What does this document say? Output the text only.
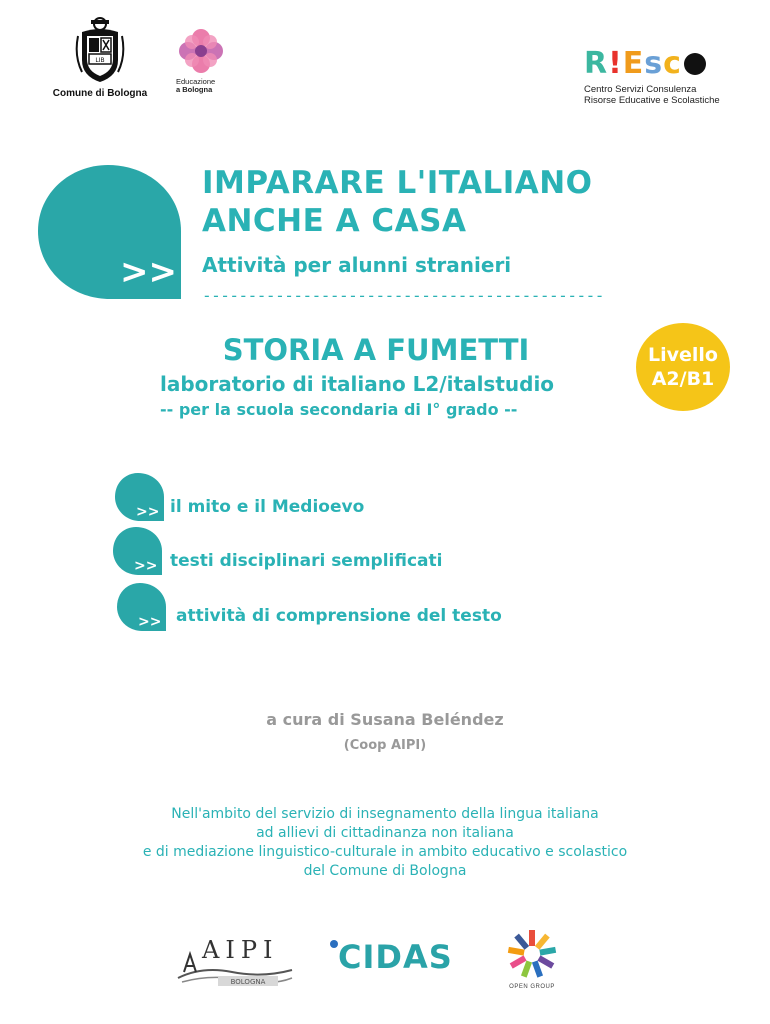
LIB
Comune di Bologna
Educazione
a Bologna
R!Esc
Centro Servizi Consulenza
Risorse Educative e Scolastiche
>>
IMPARARE L'ITALIANO
ANCHE A CASA
Attività per alunni stranieri
--------------------------------------------
STORIA A FUMETTI
laboratorio di italiano L2/italstudio
-- per la scuola secondaria di I° grado --
Livello
A2/B1
>> il mito e il Medioevo
>> testi disciplinari semplificati
>> attività di comprensione del testo
a cura di Susana Beléndez
(Coop AIPI)
Nell'ambito del servizio di insegnamento della lingua italiana
ad allievi di cittadinanza non italiana
e di mediazione linguistico-culturale in ambito educativo e scolastico
del Comune di Bologna
AIPI
BOLOGNA
CIDAS
OPEN GROUP
